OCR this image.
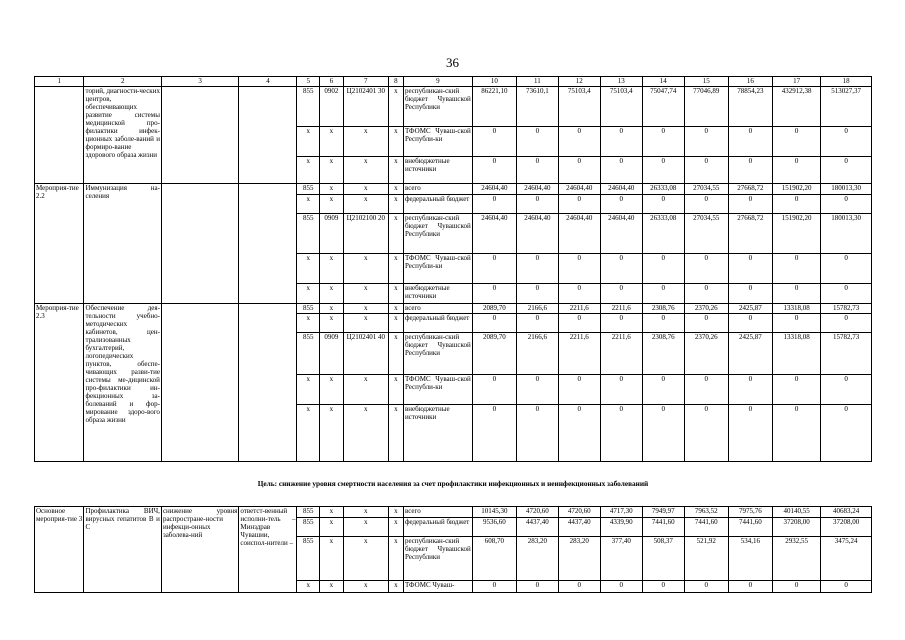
36
1	2	3	4	5	6	7	8	9	10	11	12	13	14	15	16	17	18
	торий, диагности-ческих центров, обеспечивающих развитие системы медицинской про-филактики инфек-ционных заболе-ваний и формиро-вание здорового образа жизни			855	0902	Ц2102401 30	х	республикан-ский бюджет Чувашской Республики	86221,10	73610,1	75103,4	75103,4	75047,74	77046,89	78854,23	432912,38	513027,37
				х	х	х	х	ТФОМС Чуваш-ской Республи-ки	0	0	0	0	0	0	0	0	0
				х	х	х	х	внебюджетные источники	0	0	0	0	0	0	0	0	0
Мероприя-тие 2.2	Иммунизация на-селения			855	х	х	х	всего	24604,40	24604,40	24604,40	24604,40	26333,08	27034,55	27668,72	151902,20	180013,30
				х	х	х	х	федеральный бюджет	0	0	0	0	0	0	0	0	0
				855	0909	Ц2102100 20	х	республикан-ский бюджет Чувашской Республики	24604,40	24604,40	24604,40	24604,40	26333,08	27034,55	27668,72	151902,20	180013,30
				х	х	х	х	ТФОМС Чуваш-ской Республи-ки	0	0	0	0	0	0	0	0	0
				х	х	х	х	внебюджетные источники	0	0	0	0	0	0	0	0	0
Мероприя-тие 2.3	Обеспечение дея-тельности учебно-методических кабинетов, цен-трализованных бухгалтерий, логопедических пунктов, обеспе-чивающих разви-тие системы ме-дицинской про-филактики ин-фекционных за-болеваний и фор-мирование здоро-вого образа жизни			855	х	х	х	всего	2089,70	2166,6	2211,6	2211,6	2308,76	2370,26	2425,87	13318,08	15782,73
				х	х	х	х	федеральный бюджет	0	0	0	0	0	0	0	0	0
				855	0909	Ц2102401 40	х	республикан-ский бюджет Чувашской Республики	2089,70	2166,6	2211,6	2211,6	2308,76	2370,26	2425,87	13318,08	15782,73
				х	х	х	х	ТФОМС Чуваш-ской Республи-ки	0	0	0	0	0	0	0	0	0
				х	х	х	х	внебюджетные источники	0	0	0	0	0	0	0	0	0
Цель: снижение уровня смертности населения за счет профилактики инфекционных и неинфекционных заболеваний																	
Основное мероприя-тие 3	Профилактика ВИЧ, вирусных гепатитов В и С	снижение уровня распростране-ности инфекци-онных заболева-ний	ответст-венный исполни-тель – Минздрав Чувашии, соиспол-нители –	855	х	х	х	всего	10145,30	4720,60	4720,60	4717,30	7949,97	7963,52	7975,76	40140,55	40683,24
				855	х	х	х	федеральный бюджет	9536,60	4437,40	4437,40	4339,90	7441,60	7441,60	7441,60	37208,00	37208,00
				855	х	х	х	республикан-ский бюджет Чувашской Республики	608,70	283,20	283,20	377,40	508,37	521,92	534,16	2932,55	3475,24
				х	х	х	х	ТФОМС Чуваш-	0	0	0	0	0	0	0	0	0
